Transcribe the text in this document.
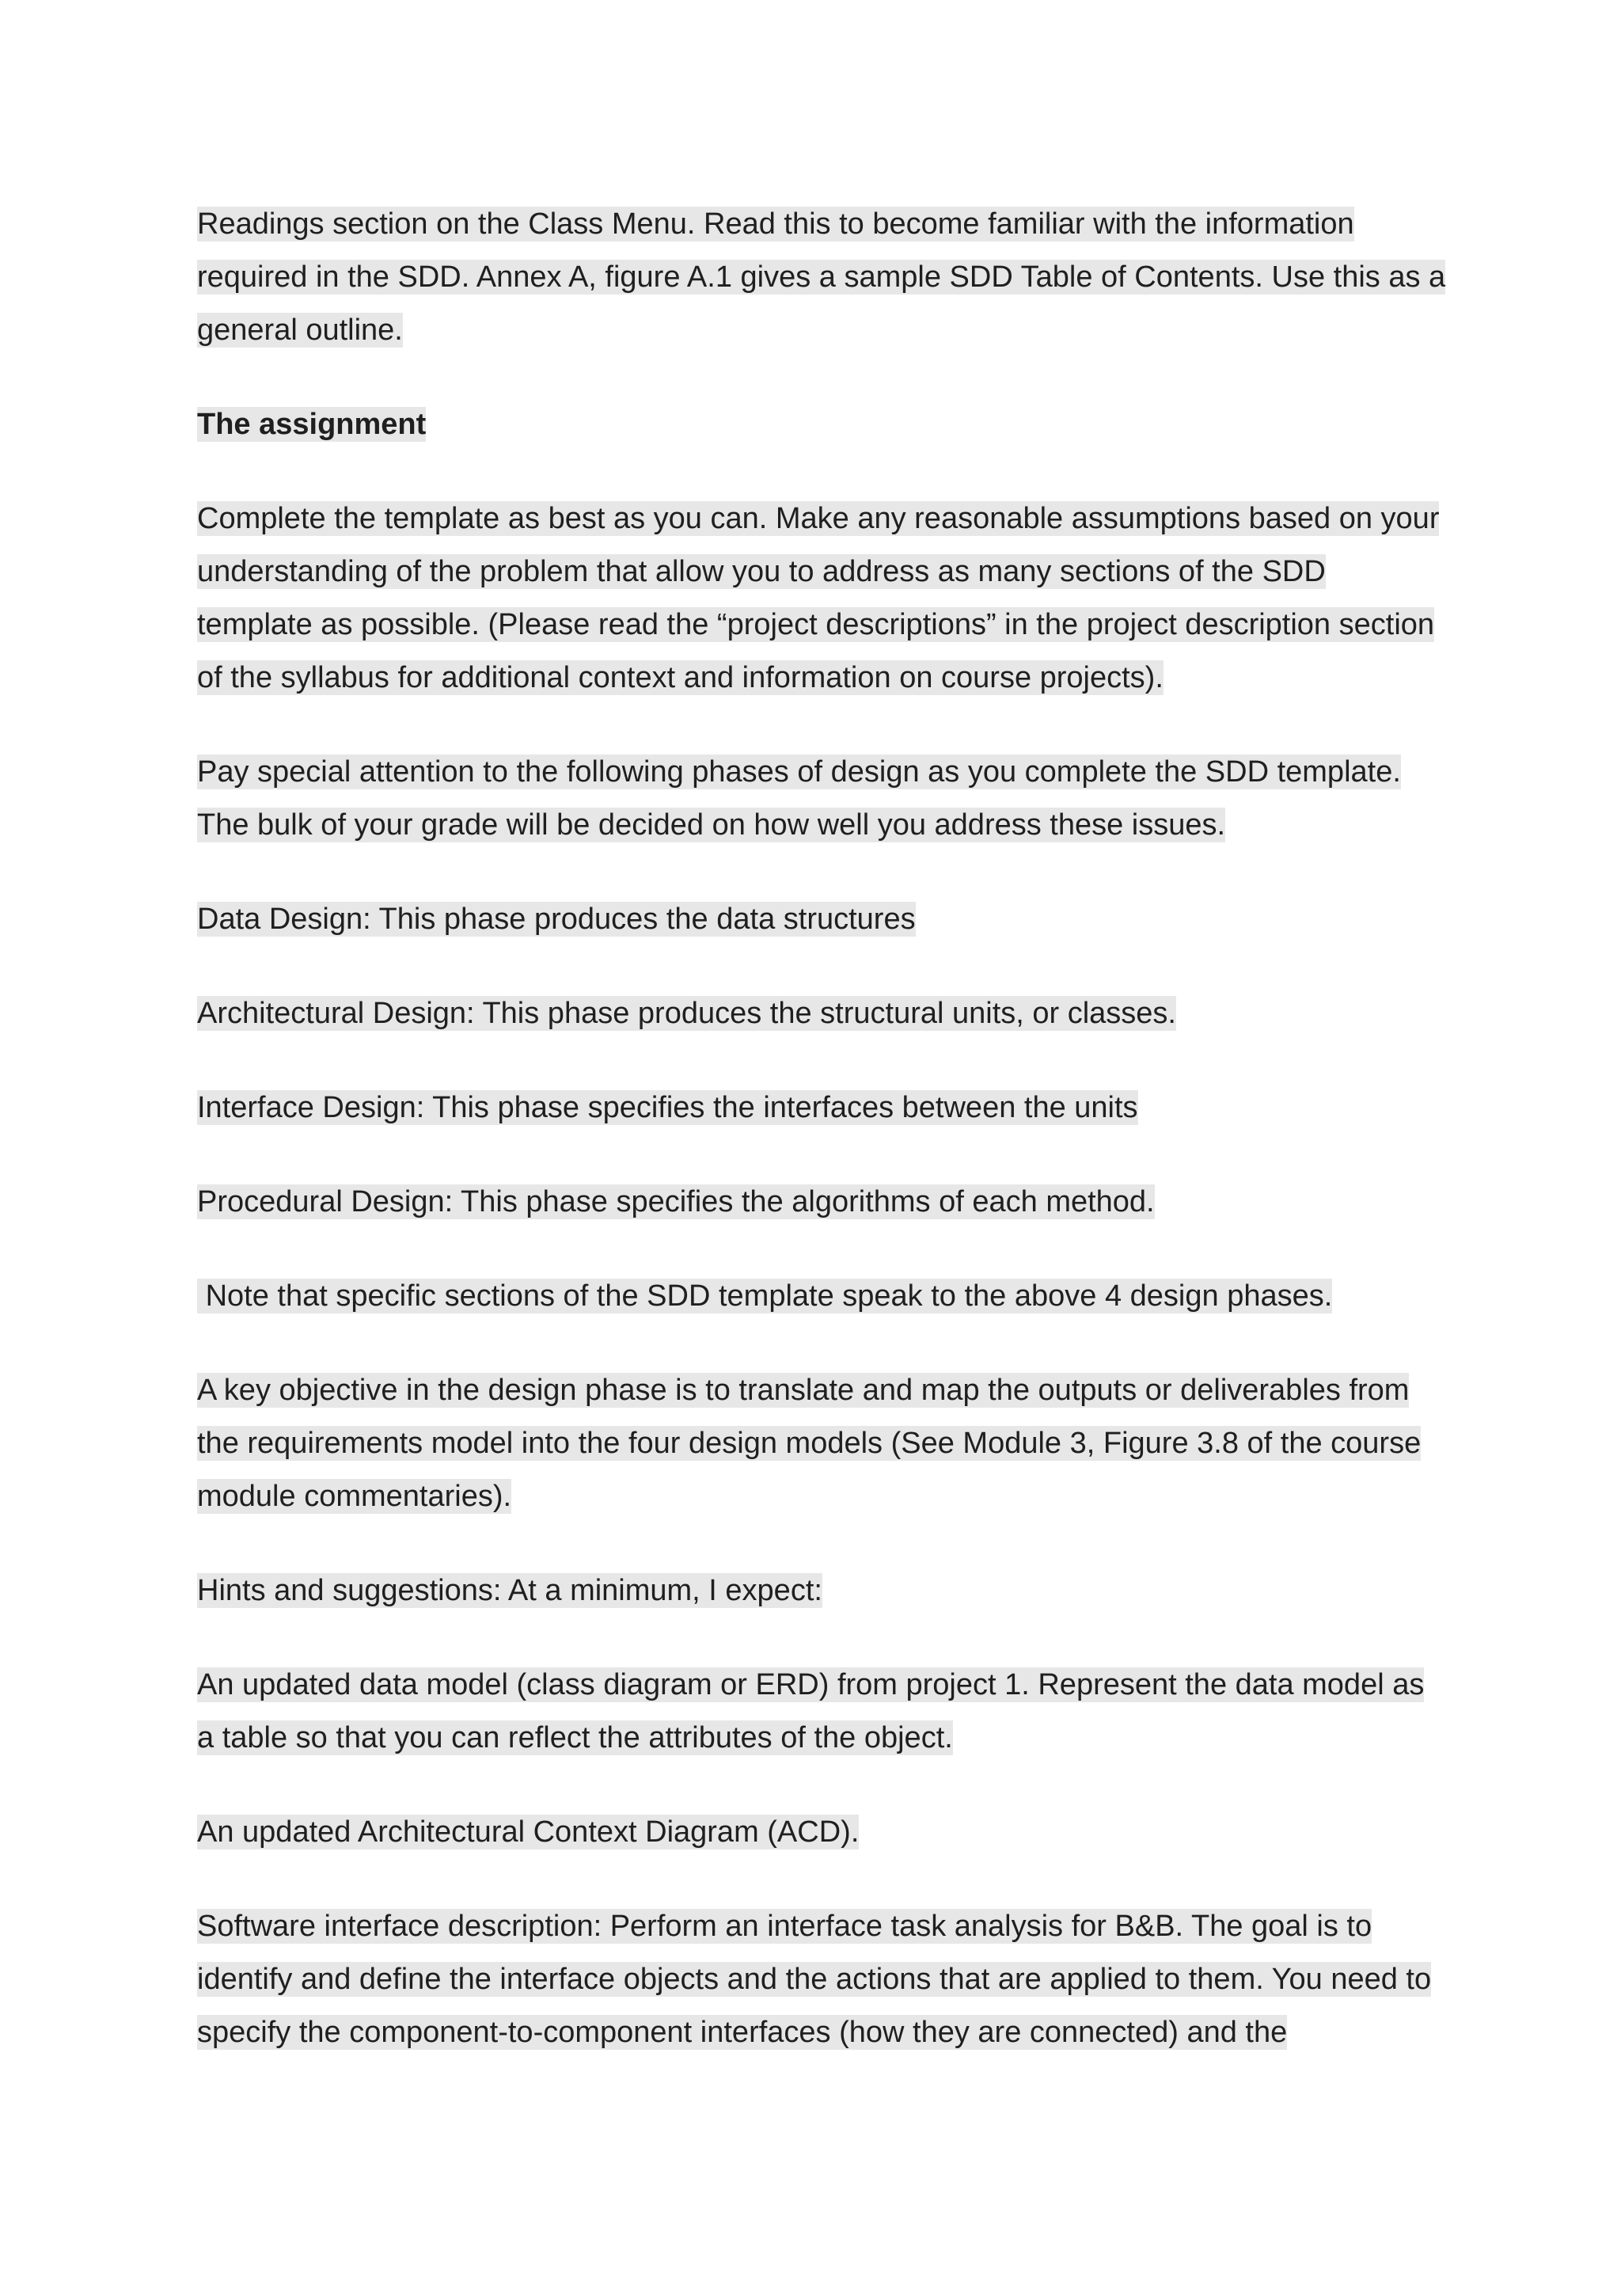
Readings section on the Class Menu. Read this to become familiar with the information required in the SDD. Annex A, figure A.1 gives a sample SDD Table of Contents. Use this as a general outline.

The assignment

Complete the template as best as you can. Make any reasonable assumptions based on your understanding of the problem that allow you to address as many sections of the SDD template as possible. (Please read the “project descriptions” in the project description section of the syllabus for additional context and information on course projects).

Pay special attention to the following phases of design as you complete the SDD template. The bulk of your grade will be decided on how well you address these issues.

Data Design: This phase produces the data structures

Architectural Design: This phase produces the structural units, or classes.

Interface Design: This phase specifies the interfaces between the units

Procedural Design: This phase specifies the algorithms of each method.

Note that specific sections of the SDD template speak to the above 4 design phases.

A key objective in the design phase is to translate and map the outputs or deliverables from the requirements model into the four design models (See Module 3, Figure 3.8 of the course module commentaries).

Hints and suggestions: At a minimum, I expect:

An updated data model (class diagram or ERD) from project 1. Represent the data model as a table so that you can reflect the attributes of the object.

An updated Architectural Context Diagram (ACD).

Software interface description: Perform an interface task analysis for B&B. The goal is to identify and define the interface objects and the actions that are applied to them. You need to specify the component-to-component interfaces (how they are connected) and the
